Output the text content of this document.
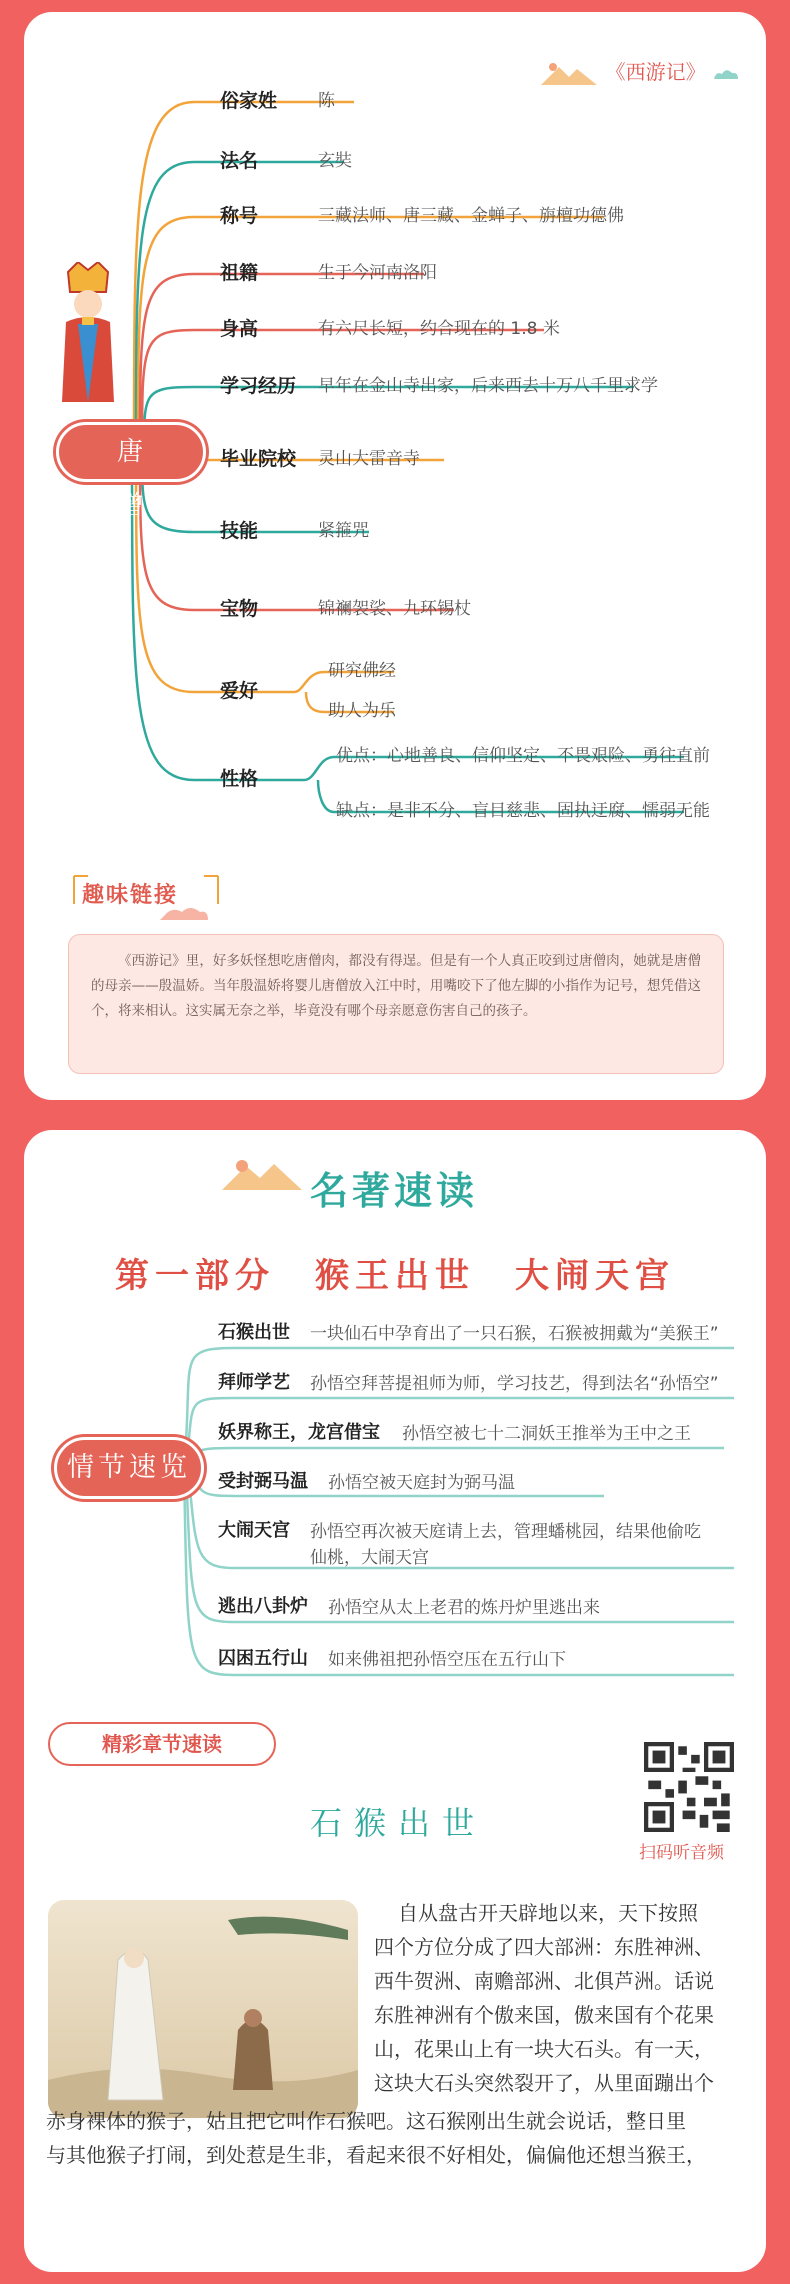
《西游记》
唐 僧
俗家姓 陈
法名	玄奘
称号	三藏法师、唐三藏、金蝉子、旃檀功德佛
祖籍	生于今河南洛阳
身高	有六尺长短，约合现在的 1.8 米
学习经历 早年在金山寺出家，后来西去十万八千里求学
毕业院校 灵山大雷音寺
技能	紧箍咒
宝物	锦襕袈裟、九环锡杖
爱好
研究佛经
助人为乐
性格
优点：心地善良、信仰坚定、不畏艰险、勇往直前
缺点：是非不分、盲目慈悲、固执迂腐、懦弱无能
趣味链接
《西游记》里，好多妖怪想吃唐僧肉，都没有得逞。但是有一个人真正咬到过唐僧肉，她就是唐僧的母亲——殷温娇。当年殷温娇将婴儿唐僧放入江中时，用嘴咬下了他左脚的小指作为记号，想凭借这个，将来相认。这实属无奈之举，毕竟没有哪个母亲愿意伤害自己的孩子。
名著速读
第一部分　猴王出世　大闹天宫
情节速览
石猴出世 一块仙石中孕育出了一只石猴，石猴被拥戴为“美猴王”
拜师学艺 孙悟空拜菩提祖师为师，学习技艺，得到法名“孙悟空”
妖界称王，龙宫借宝 孙悟空被七十二洞妖王推举为王中之王
受封弼马温 孙悟空被天庭封为弼马温
大闹天宫 孙悟空再次被天庭请上去，管理蟠桃园，结果他偷吃
仙桃，大闹天宫
逃出八卦炉 孙悟空从太上老君的炼丹炉里逃出来
囚困五行山 如来佛祖把孙悟空压在五行山下
精彩章节速读
石猴出世
扫码听音频
自从盘古开天辟地以来，天下按照
四个方位分成了四大部洲：东胜神洲、
西牛贺洲、南赡部洲、北俱芦洲。话说
东胜神洲有个傲来国，傲来国有个花果
山，花果山上有一块大石头。有一天，
这块大石头突然裂开了，从里面蹦出个
赤身裸体的猴子，姑且把它叫作石猴吧。这石猴刚出生就会说话，整日里
与其他猴子打闹，到处惹是生非，看起来很不好相处，偏偏他还想当猴王，
